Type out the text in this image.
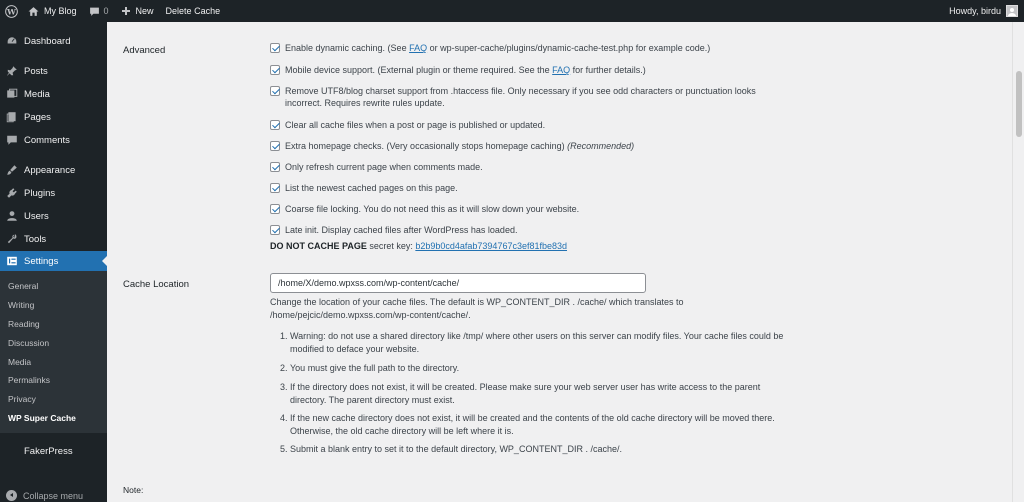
W	My Blog	0	New	Delete Cache	Howdy, birdu
Dashboard
Posts
Media
Pages
Comments
Appearance
Plugins
Users
Tools
Settings
General
Writing
Reading
Discussion
Media
Permalinks
Privacy
WP Super Cache
FakerPress
Collapse menu
Advanced	Enable dynamic caching. (See FAQ or wp-super-cache/plugins/dynamic-cache-test.php for example code.)
Mobile device support. (External plugin or theme required. See the FAQ for further details.)
Remove UTF8/blog charset support from .htaccess file. Only necessary if you see odd characters or punctuation looks incorrect. Requires rewrite rules update.
Clear all cache files when a post or page is published or updated.
Extra homepage checks. (Very occasionally stops homepage caching) (Recommended)
Only refresh current page when comments made.
List the newest cached pages on this page.
Coarse file locking. You do not need this as it will slow down your website.
Late init. Display cached files after WordPress has loaded.
DO NOT CACHE PAGE secret key: b2b9b0cd4afab7394767c3ef81fbe83d
Cache Location	/home/X/demo.wpxss.com/wp-content/cache/
Change the location of your cache files. The default is WP_CONTENT_DIR . /cache/ which translates to /home/pejcic/demo.wpxss.com/wp-content/cache/.
1. Warning: do not use a shared directory like /tmp/ where other users on this server can modify files. Your cache files could be modified to deface your website.
2. You must give the full path to the directory.
3. If the directory does not exist, it will be created. Please make sure your web server user has write access to the parent directory. The parent directory must exist.
4. If the new cache directory does not exist, it will be created and the contents of the old cache directory will be moved there. Otherwise, the old cache directory will be left where it is.
5. Submit a blank entry to set it to the default directory, WP_CONTENT_DIR . /cache/.
Note:
